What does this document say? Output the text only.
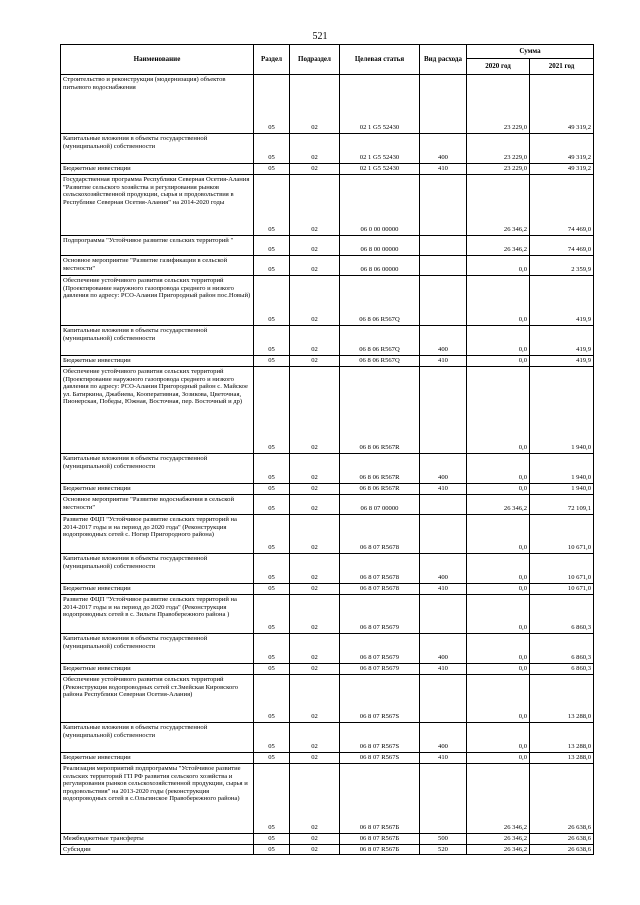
521
Наименование	Раздел	Подраздел	Целевая статья	Вид расхода	Сумма	
					2020 год	2021 год
Строительство и реконструкция (модернизация) объектов питьевого водоснабжения	05	02	02 1 G5 52430		23 229,0	49 319,2
Капитальные вложения в объекты государственной (муниципальной) собственности	05	02	02 1 G5 52430	400	23 229,0	49 319,2
Бюджетные инвестиции	05	02	02 1 G5 52430	410	23 229,0	49 319,2
Государственная программа Республики Северная Осетия-Алания "Развитие сельского хозяйства и регулирования рынков сельскохозяйственной продукции, сырья и продовольствия в Республике Северная Осетия-Алания" на 2014-2020 годы	05	02	06 0 00 00000		26 346,2	74 469,0
Подпрограмма "Устойчивое развитие сельских территорий "	05	02	06 8 00 00000		26 346,2	74 469,0
Основное мероприятие "Развитие газификации в сельской местности"	05	02	06 8 06 00000		0,0	2 359,9
Обеспечение устойчивого развития сельских территорий (Проектирование наружного газопровода среднего и низкого давления по адресу: РСО-Алания Пригородный район пос.Новый)	05	02	06 8 06 R567Q		0,0	419,9
Капитальные вложения в объекты государственной (муниципальной) собственности	05	02	06 8 06 R567Q	400	0,0	419,9
Бюджетные инвестиции	05	02	06 8 06 R567Q	410	0,0	419,9
Обеспечение устойчивого развития сельских территорий (Проектирование наружного газопровода среднего и низкого давления по адресу: РСО-Алания Пригородный район с. Майское ул. Батиркина, Джабиева, Кооперативная, Зозикова, Цветочная, Пионерская, Победы, Южная, Восточная, пер. Восточный и др)	05	02	06 8 06 R567R		0,0	1 940,0
Капитальные вложения в объекты государственной (муниципальной) собственности	05	02	06 8 06 R567R	400	0,0	1 940,0
Бюджетные инвестиции	05	02	06 8 06 R567R	410	0,0	1 940,0
Основное мероприятие "Развитие водоснабжения в сельской местности"	05	02	06 8 07 00000		26 346,2	72 109,1
Развитие ФЦП "Устойчивое развитие сельских территорий на 2014-2017 годы и на период до 2020 года" (Реконструкция водопроводных сетей с. Ногир Пригородного района)	05	02	06 8 07 R5678		0,0	10 671,0
Капитальные вложения в объекты государственной (муниципальной) собственности	05	02	06 8 07 R5678	400	0,0	10 671,0
Бюджетные инвестиции	05	02	06 8 07 R5678	410	0,0	10 671,0
Развитие ФЦП "Устойчивое развитие сельских территорий на 2014-2017 годы и на период до 2020 года" (Реконструкция водопроводных сетей в с. Зильги Правобережного района )	05	02	06 8 07 R5679		0,0	6 860,3
Капитальные вложения в объекты государственной (муниципальной) собственности	05	02	06 8 07 R5679	400	0,0	6 860,3
Бюджетные инвестиции	05	02	06 8 07 R5679	410	0,0	6 860,3
Обеспечение устойчивого развития сельских территорий (Реконструкция водопроводных сетей ст.Змейская Кировского района Республики Северная Осетия-Алания)	05	02	06 8 07 R567S		0,0	13 288,0
Капитальные вложения в объекты государственной (муниципальной) собственности	05	02	06 8 07 R567S	400	0,0	13 288,0
Бюджетные инвестиции	05	02	06 8 07 R567S	410	0,0	13 288,0
Реализация мероприятий подпрограммы "Устойчивое развитие сельских территорий ГП РФ развития сельского хозяйства и регулирования рынков сельскохозяйственной продукции, сырья и продовольствия" на 2013-2020 годы (реконструкция водопроводных сетей в с.Ольгинское Правобережного района)	05	02	06 8 07 R567Б		26 346,2	26 638,6
Межбюджетные трансферты	05	02	06 8 07 R567Б	500	26 346,2	26 638,6
Субсидии	05	02	06 8 07 R567Б	520	26 346,2	26 638,6
